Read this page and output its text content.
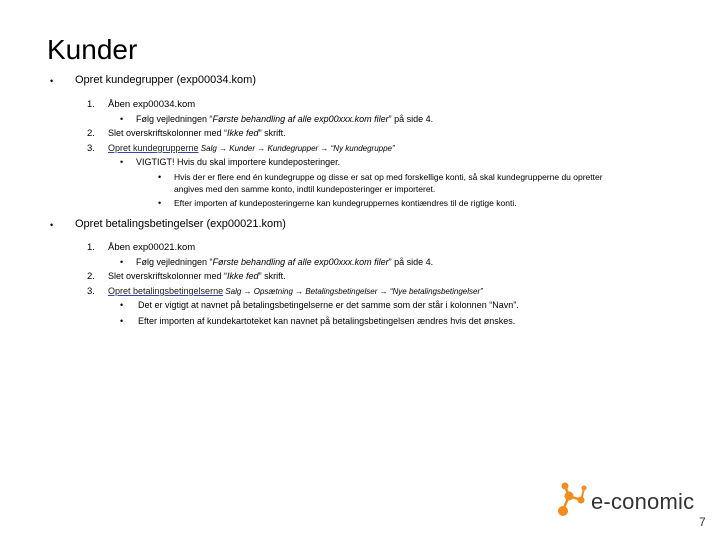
Kunder
• Opret kundegrupper (exp00034.kom)
1. Åben exp00034.kom
• Følg vejledningen “Første behandling af alle exp00xxx.kom filer” på side 4.
2. Slet overskriftskolonner med “Ikke fed” skrift.
3. Opret kundegrupperne Salg → Kunder → Kundegrupper → “Ny kundegruppe”
• VIGTIGT! Hvis du skal importere kundeposteringer.
• Hvis der er flere end én kundegruppe og disse er sat op med forskellige konti, så skal kundegrupperne du opretter
angives med den samme konto, indtil kundeposteringer er importeret.
• Efter importen af kundeposteringerne kan kundegruppernes kontiændres til de rigtige konti.
• Opret betalingsbetingelser (exp00021.kom)
1. Åben exp00021.kom
• Følg vejledningen “Første behandling af alle exp00xxx.kom filer” på side 4.
2. Slet overskriftskolonner med “Ikke fed” skrift.
3. Opret betalingsbetingelserne Salg → Opsætning → Betalingsbetingelser → “Nye betalingsbetingelser”
• Det er vigtigt at navnet på betalingsbetingelserne er det samme som der står i kolonnen “Navn”.
• Efter importen af kundekartoteket kan navnet på betalingsbetingelsen ændres hvis det ønskes.
e-conomic
7
